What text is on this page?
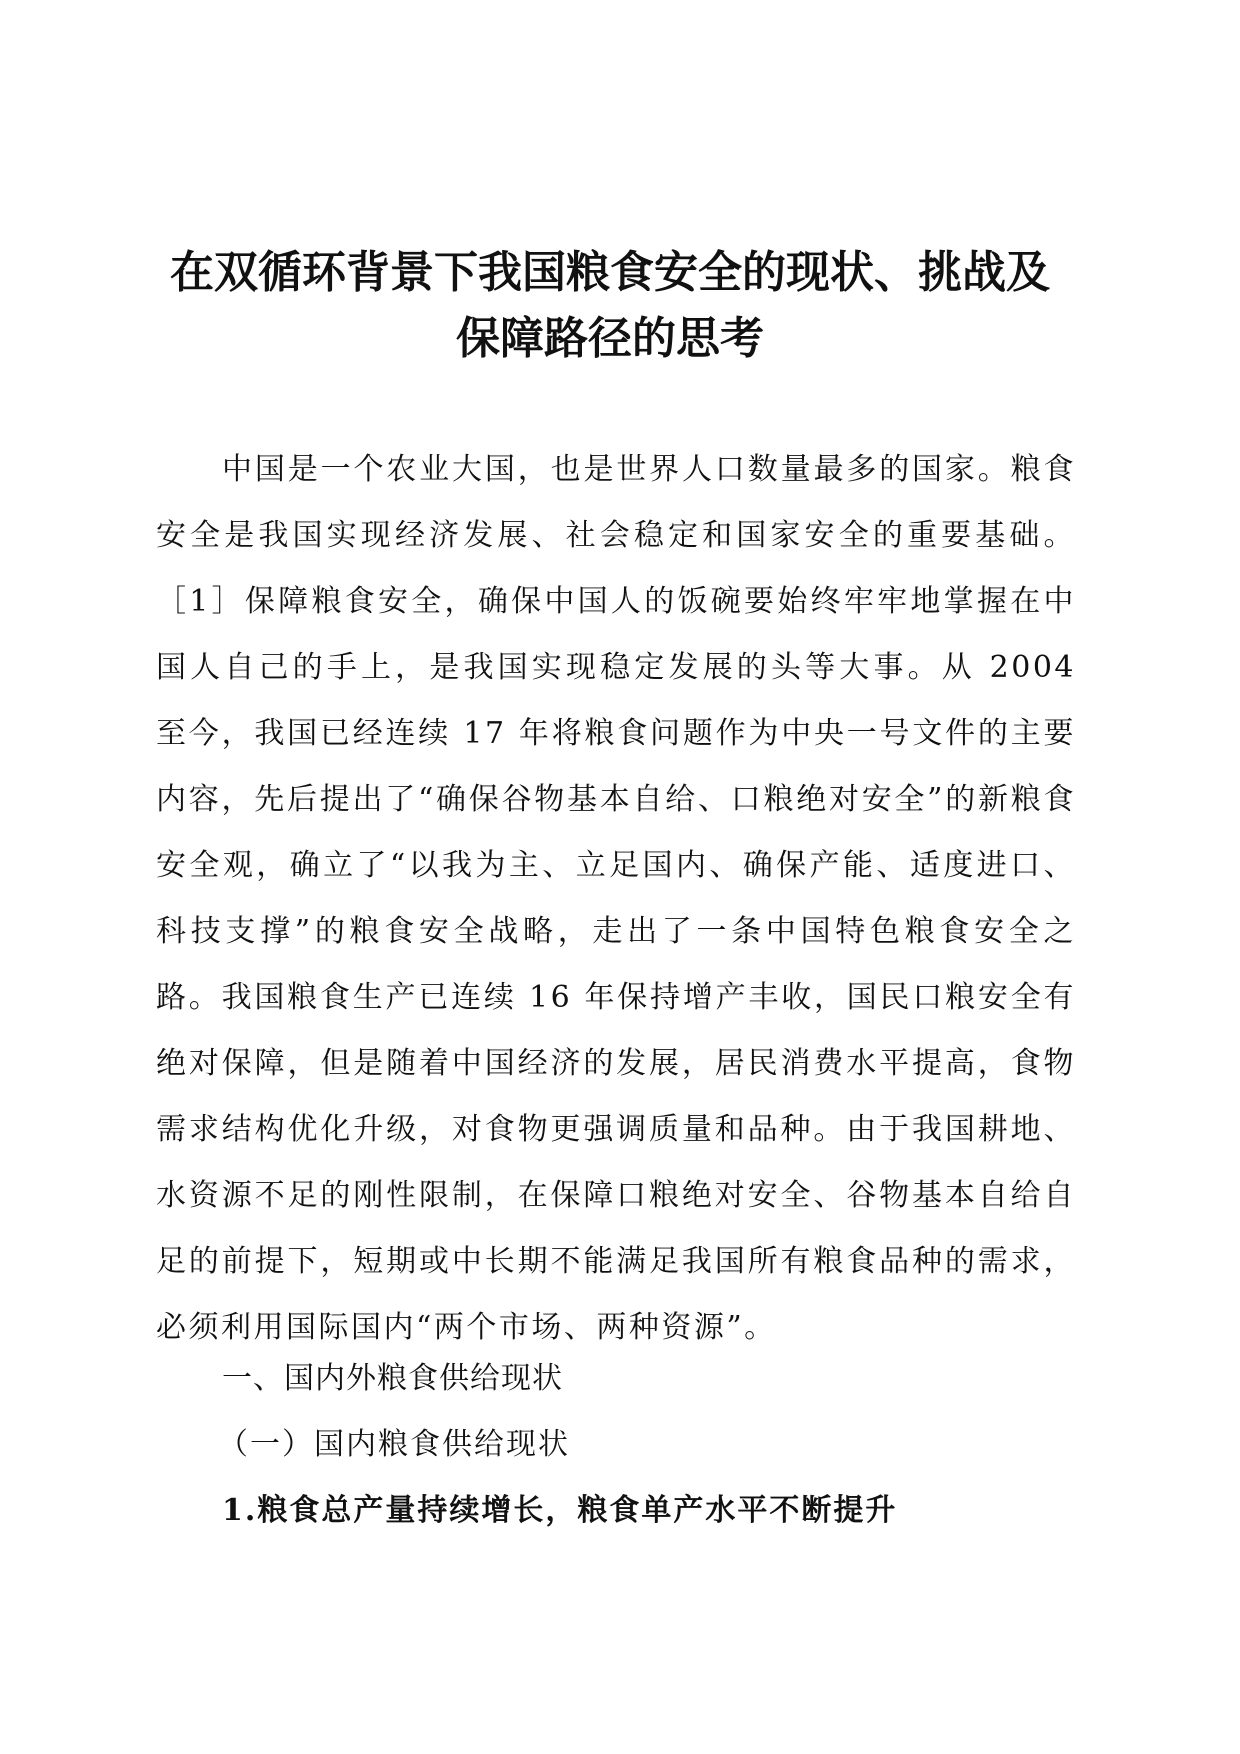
在双循环背景下我国粮食安全的现状、挑战及
保障路径的思考

中国是一个农业大国，也是世界人口数量最多的国家。粮食安全是我国实现经济发展、社会稳定和国家安全的重要基础。［1］保障粮食安全，确保中国人的饭碗要始终牢牢地掌握在中国人自己的手上，是我国实现稳定发展的头等大事。从 2004 至今，我国已经连续 17 年将粮食问题作为中央一号文件的主要内容，先后提出了“确保谷物基本自给、口粮绝对安全”的新粮食安全观，确立了“以我为主、立足国内、确保产能、适度进口、科技支撑”的粮食安全战略，走出了一条中国特色粮食安全之路。我国粮食生产已连续 16 年保持增产丰收，国民口粮安全有绝对保障，但是随着中国经济的发展，居民消费水平提高，食物需求结构优化升级，对食物更强调质量和品种。由于我国耕地、水资源不足的刚性限制，在保障口粮绝对安全、谷物基本自给自足的前提下，短期或中长期不能满足我国所有粮食品种的需求，必须利用国际国内“两个市场、两种资源”。

一、国内外粮食供给现状
（一）国内粮食供给现状
1.粮食总产量持续增长，粮食单产水平不断提升
